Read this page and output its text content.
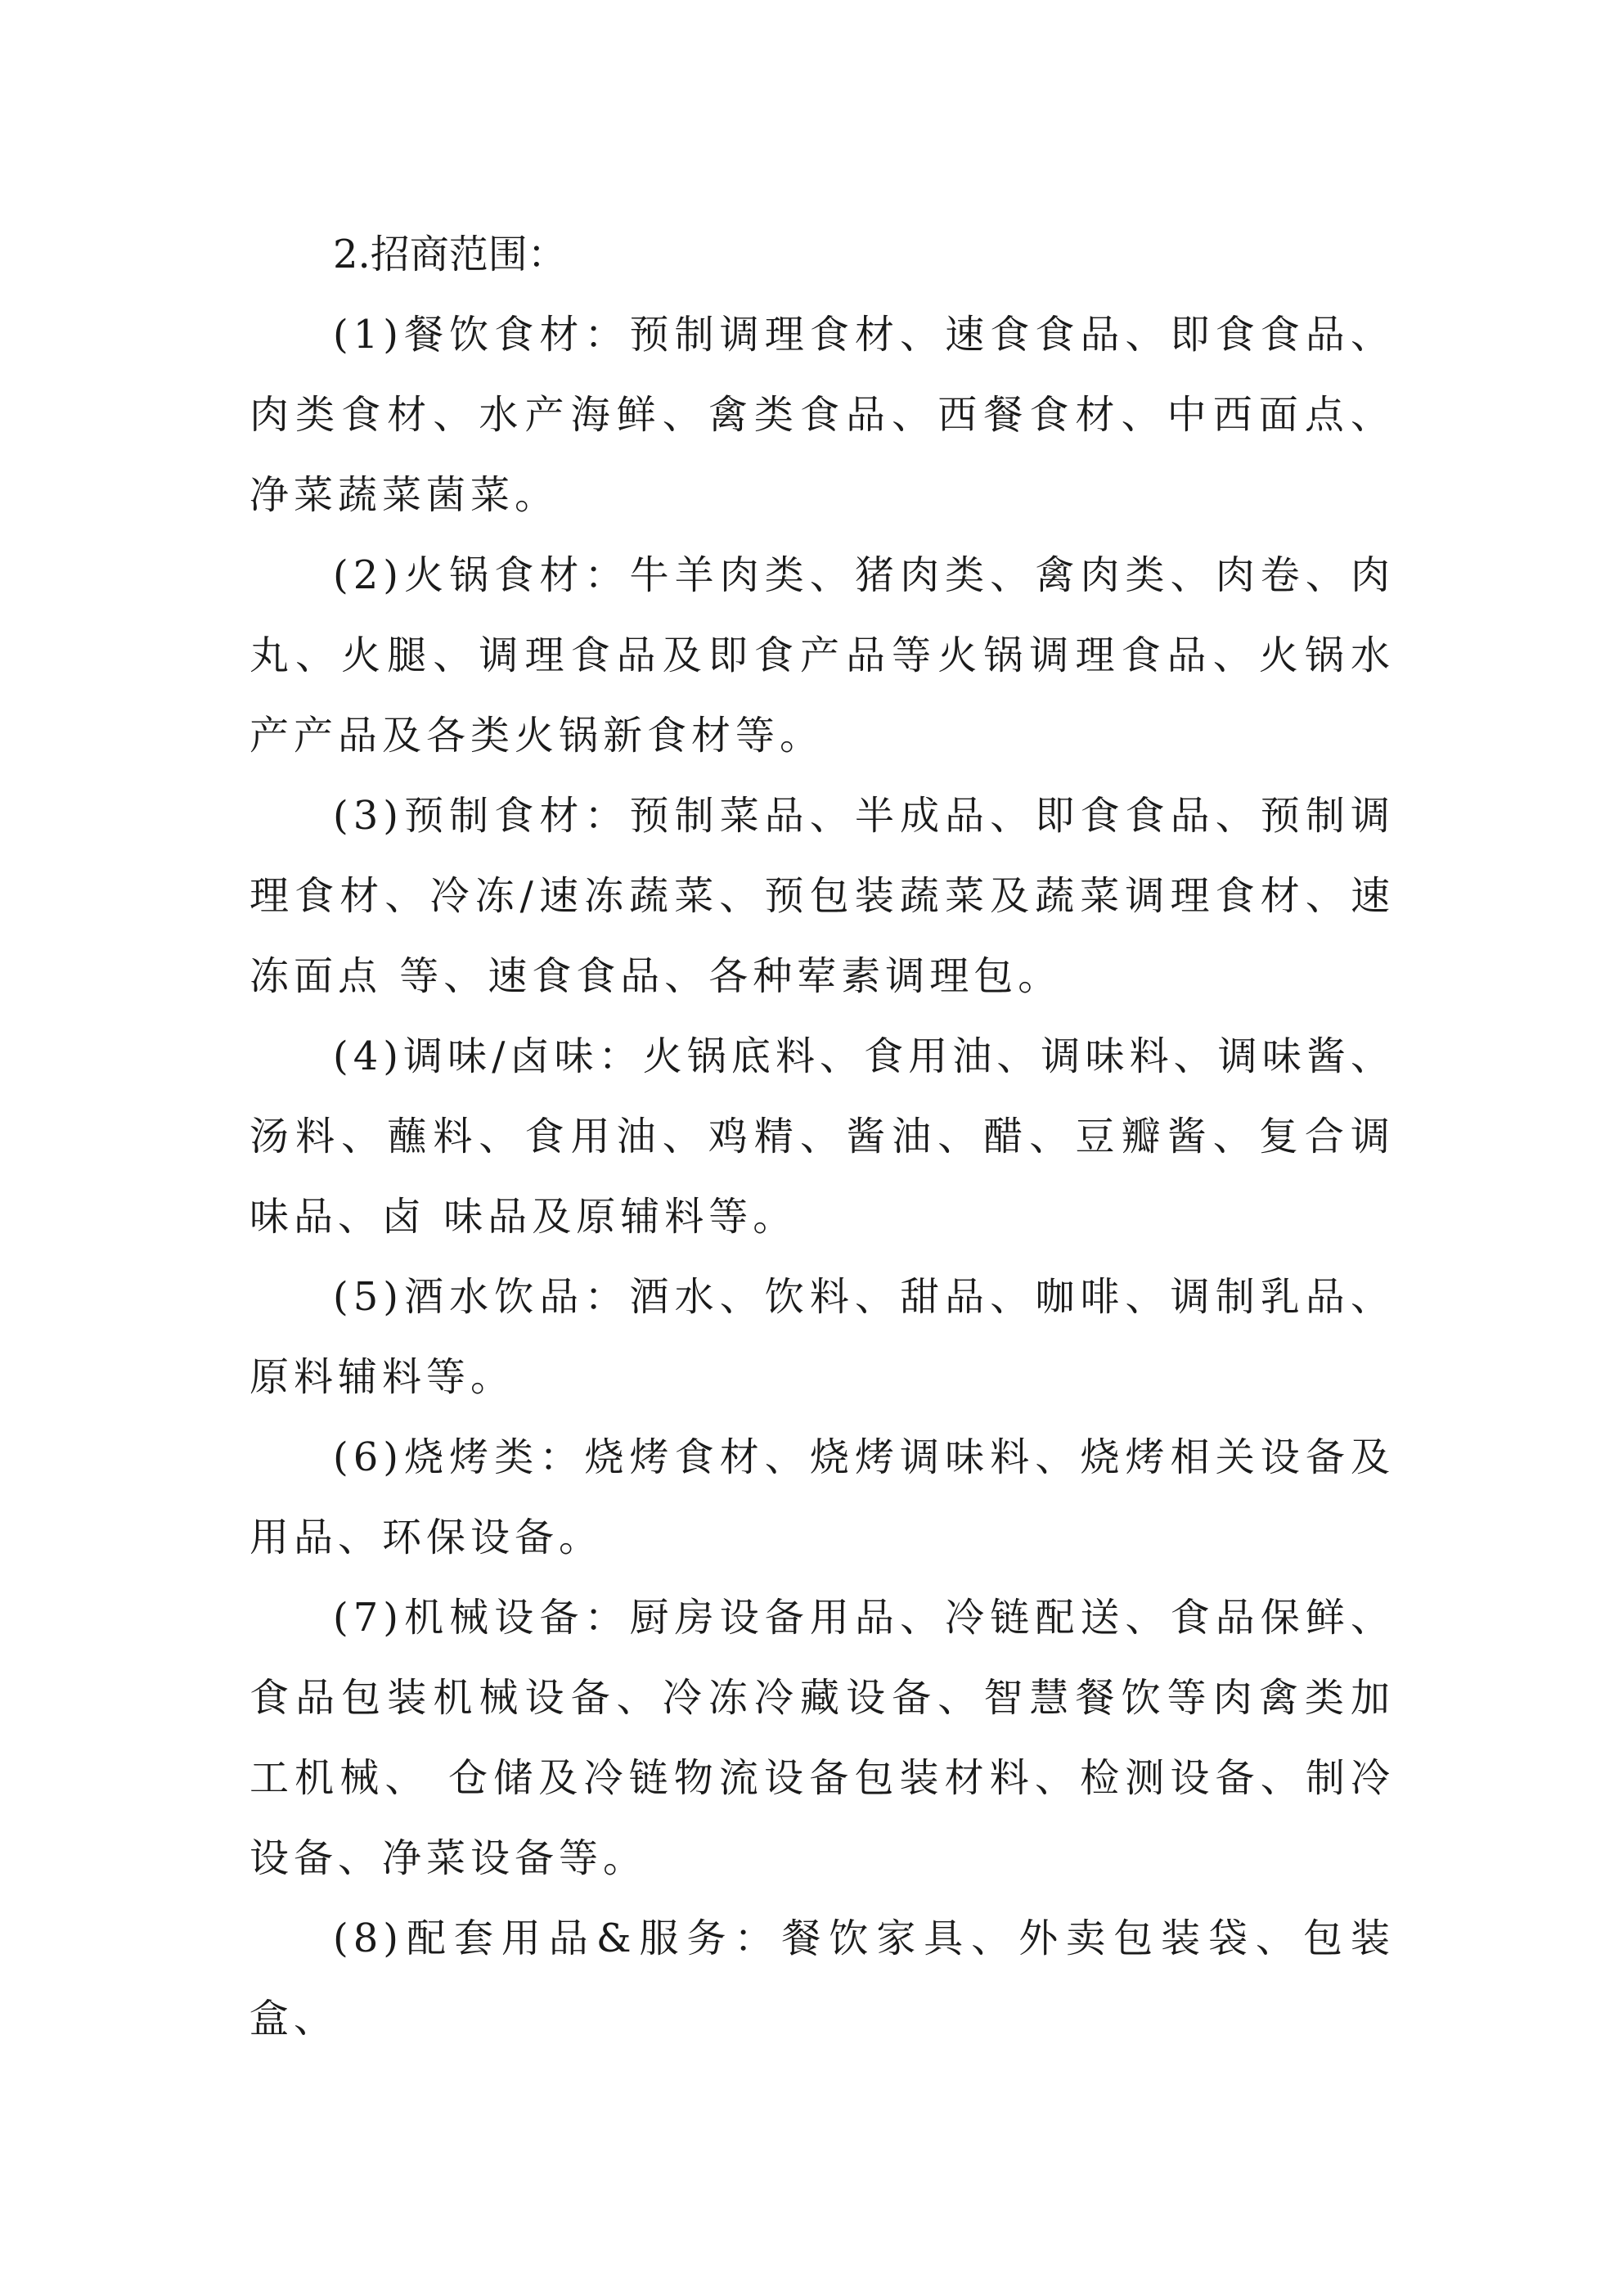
2.招商范围：

(1)餐饮食材：预制调理食材、速食食品、即食食品、肉类食材、水产海鲜、禽类食品、西餐食材、中西面点、净菜蔬菜菌菜。

(2)火锅食材：牛羊肉类、猪肉类、禽肉类、肉卷、肉丸、火腿、调理食品及即食产品等火锅调理食品、火锅水产产品及各类火锅新食材等。

(3)预制食材：预制菜品、半成品、即食食品、预制调理食材、冷冻/速冻蔬菜、预包装蔬菜及蔬菜调理食材、速冻面点 等、速食食品、各种荤素调理包。

(4)调味/卤味：火锅底料、食用油、调味料、调味酱、汤料、蘸料、食用油、鸡精、酱油、醋、豆瓣酱、复合调味品、卤 味品及原辅料等。

(5)酒水饮品：酒水、饮料、甜品、咖啡、调制乳品、原料辅料等。

(6)烧烤类：烧烤食材、烧烤调味料、烧烤相关设备及用品、环保设备。

(7)机械设备：厨房设备用品、冷链配送、食品保鲜、食品包装机械设备、冷冻冷藏设备、智慧餐饮等肉禽类加工机械、 仓储及冷链物流设备包装材料、检测设备、制冷设备、净菜设备等。

(8)配套用品&服务：餐饮家具、外卖包装袋、包装盒、
